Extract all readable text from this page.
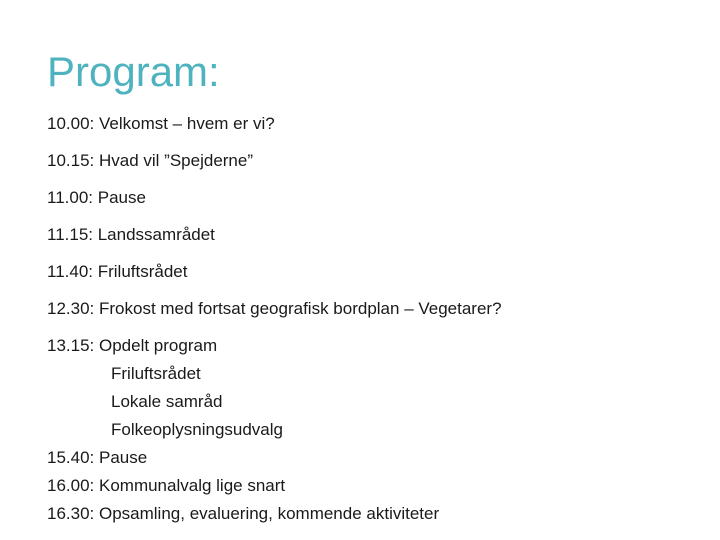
Program:
10.00: Velkomst – hvem er vi?
10.15: Hvad vil ”Spejderne”
11.00: Pause
11.15: Landssamrådet
11.40: Friluftsrådet
12.30: Frokost med fortsat geografisk bordplan – Vegetarer?
13.15: Opdelt program
Friluftsrådet
Lokale samråd
Folkeoplysningsudvalg
15.40: Pause
16.00: Kommunalvalg lige snart
16.30: Opsamling, evaluering, kommende aktiviteter
